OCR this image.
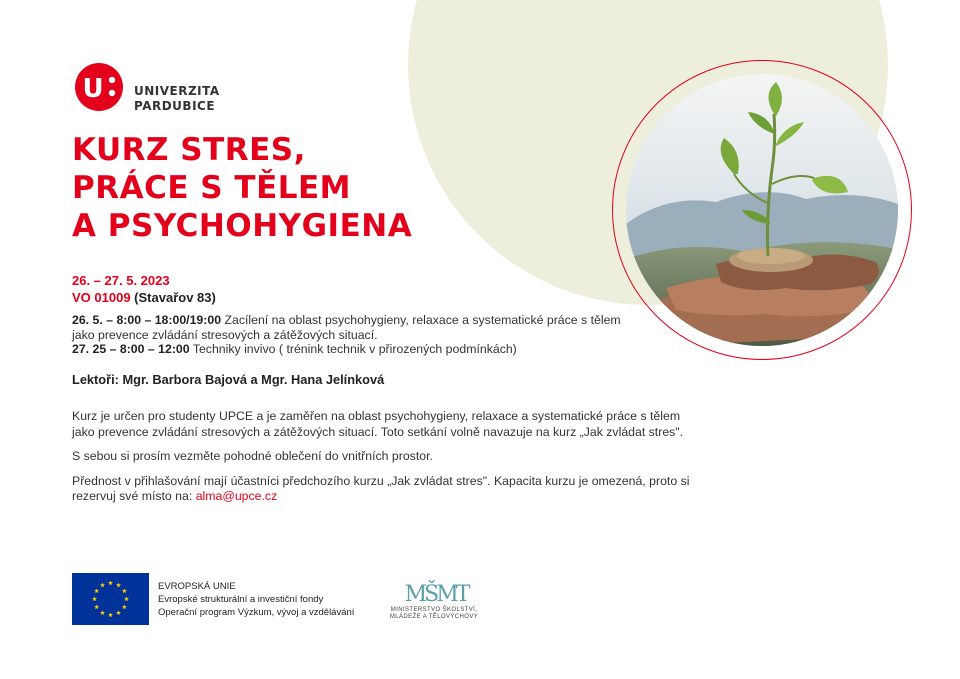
U	UNIVERZITA
PARDUBICE
KURZ STRES,
PRÁCE S TĚLEM
A PSYCHOHYGIENA
26. – 27. 5. 2023
VO 01009 (Stavařov 83)
26. 5. – 8:00 – 18:00/19:00 Zacílení na oblast psychohygieny, relaxace a systematické práce s tělem jako prevence zvládání stresových a zátěžových situací.
27. 25 – 8:00 – 12:00 Techniky invivo ( trénink technik v přirozených podmínkách)
Lektoři: Mgr. Barbora Bajová a Mgr. Hana Jelínková

Kurz je určen pro studenty UPCE a je zaměřen na oblast psychohygieny, relaxace a systematické práce s tělem jako prevence zvládání stresových a zátěžových situací. Toto setkání volně navazuje na kurz „Jak zvládat stres".

S sebou si prosím vezměte pohodné oblečení do vnitřních prostor.

Přednost v přihlašování mají účastníci předchozího kurzu „Jak zvládat stres". Kapacita kurzu je omezená, proto si rezervuj své místo na: alma@upce.cz

EVROPSKÁ UNIE
Evropské strukturální a investiční fondy
Operační program Výzkum, vývoj a vzdělávání
MŠMT
MINISTERSTVO ŠKOLSTVÍ,
MLÁDEŽE A TĚLOVÝCHOVY
